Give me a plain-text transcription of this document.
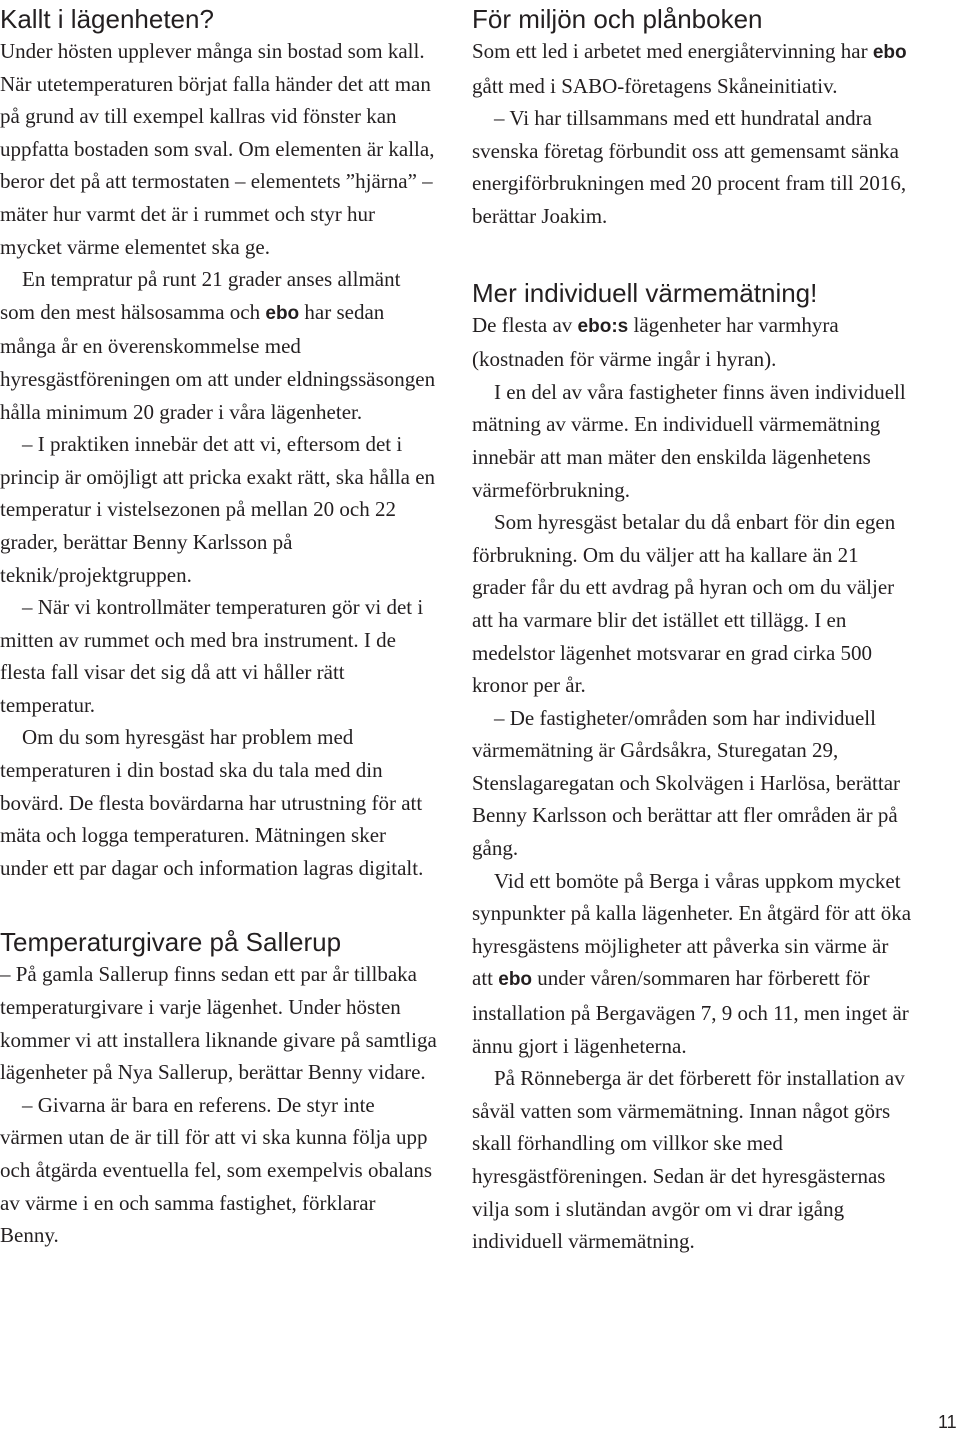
Kallt i lägenheten?

Under hösten upplever många sin bostad som kall. När utetemperaturen börjat falla händer det att man på grund av till exempel kallras vid fönster kan uppfatta bostaden som sval. Om elementen är kalla, beror det på att termostaten – elementets ”hjärna” – mäter hur varmt det är i rummet och styr hur mycket värme elementet ska ge.

En tempratur på runt 21 grader anses allmänt som den mest hälsosamma och ebo har sedan många år en överenskommelse med hyresgästföreningen om att under eldningssäsongen hålla minimum 20 grader i våra lägenheter.

– I praktiken innebär det att vi, eftersom det i princip är omöjligt att pricka exakt rätt, ska hålla en temperatur i vistelsezonen på mellan 20 och 22 grader, berättar Benny Karlsson på teknik/projektgruppen.

– När vi kontrollmäter temperaturen gör vi det i mitten av rummet och med bra instrument. I de flesta fall visar det sig då att vi håller rätt temperatur.

Om du som hyresgäst har problem med temperaturen i din bostad ska du tala med din bovärd. De flesta bovärdarna har utrustning för att mäta och logga temperaturen. Mätningen sker under ett par dagar och information lagras digitalt.

Temperaturgivare på Sallerup

– På gamla Sallerup finns sedan ett par år tillbaka temperaturgivare i varje lägenhet. Under hösten kommer vi att installera liknande givare på samtliga lägenheter på Nya Sallerup, berättar Benny vidare.

– Givarna är bara en referens. De styr inte värmen utan de är till för att vi ska kunna följa upp och åtgärda eventuella fel, som exempelvis obalans av värme i en och samma fastighet, förklarar Benny.

För miljön och plånboken

Som ett led i arbetet med energiåtervinning har ebo gått med i SABO-företagens Skåneinitiativ.

– Vi har tillsammans med ett hundratal andra svenska företag förbundit oss att gemensamt sänka energiförbrukningen med 20 procent fram till 2016, berättar Joakim.

Mer individuell värmemätning!

De flesta av ebo:s lägenheter har varmhyra (kostnaden för värme ingår i hyran).

I en del av våra fastigheter finns även individuell mätning av värme. En individuell värmemätning innebär att man mäter den enskilda lägenhetens värmeförbrukning.

Som hyresgäst betalar du då enbart för din egen förbrukning. Om du väljer att ha kallare än 21 grader får du ett avdrag på hyran och om du väljer att ha varmare blir det istället ett tillägg. I en medelstor lägenhet motsvarar en grad cirka 500 kronor per år.

– De fastigheter/områden som har individuell värmemätning är Gårdsåkra, Sturegatan 29, Stenslagaregatan och Skolvägen i Harlösa, berättar Benny Karlsson och berättar att fler områden är på gång.

Vid ett bomöte på Berga i våras uppkom mycket synpunkter på kalla lägenheter. En åtgärd för att öka hyresgästens möjligheter att påverka sin värme är att ebo under våren/sommaren har förberett för installation på Bergavägen 7, 9 och 11, men inget är ännu gjort i lägenheterna.

På Rönneberga är det förberett för installation av såväl vatten som värmemätning. Innan något görs skall förhandling om villkor ske med hyresgästföreningen. Sedan är det hyresgästernas vilja som i slutändan avgör om vi drar igång individuell värmemätning.

11
